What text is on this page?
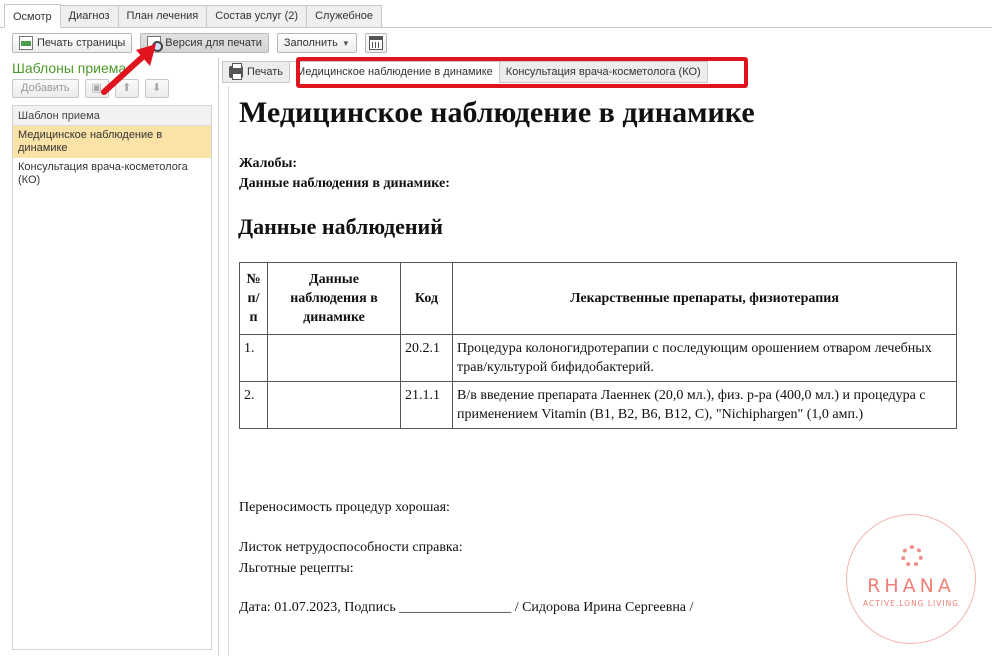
Осмотр	Диагноз	План лечения	Состав услуг (2)	Служебное
Печать страницы	Версия для печати Заполнить ▼
Шаблоны приема
Добавить	▣	⬆	⬇
Шаблон приема
Медицинское наблюдение в динамике
Консультация врача-косметолога (КО)
Печать	Медицинское наблюдение в динамике	Консультация врача-косметолога (КО)
Медицинское наблюдение в динамике
Жалобы:
Данные наблюдения в динамике:
Данные наблюдений
№ п/п	Данные наблюдения в динамике	Код	Лекарственные препараты, физиотерапия
1.		20.2.1	Процедура колоногидротерапии с последующим орошением отваром лечебных трав/культурой бифидобактерий.
2.		21.1.1	В/в введение препарата Лаеннек (20,0 мл.), физ. р-ра (400,0 мл.) и процедура с применением Vitamin (B1, B2, B6, B12, C), "Nichiphargen" (1,0 амп.)
Переносимость процедур хорошая:
Листок нетрудоспособности справка:
Льготные рецепты:
Дата: 01.07.2023, Подпись ________________ / Сидорова Ирина Сергеевна /
RHANA
ACTIVE.LONG LIVING
